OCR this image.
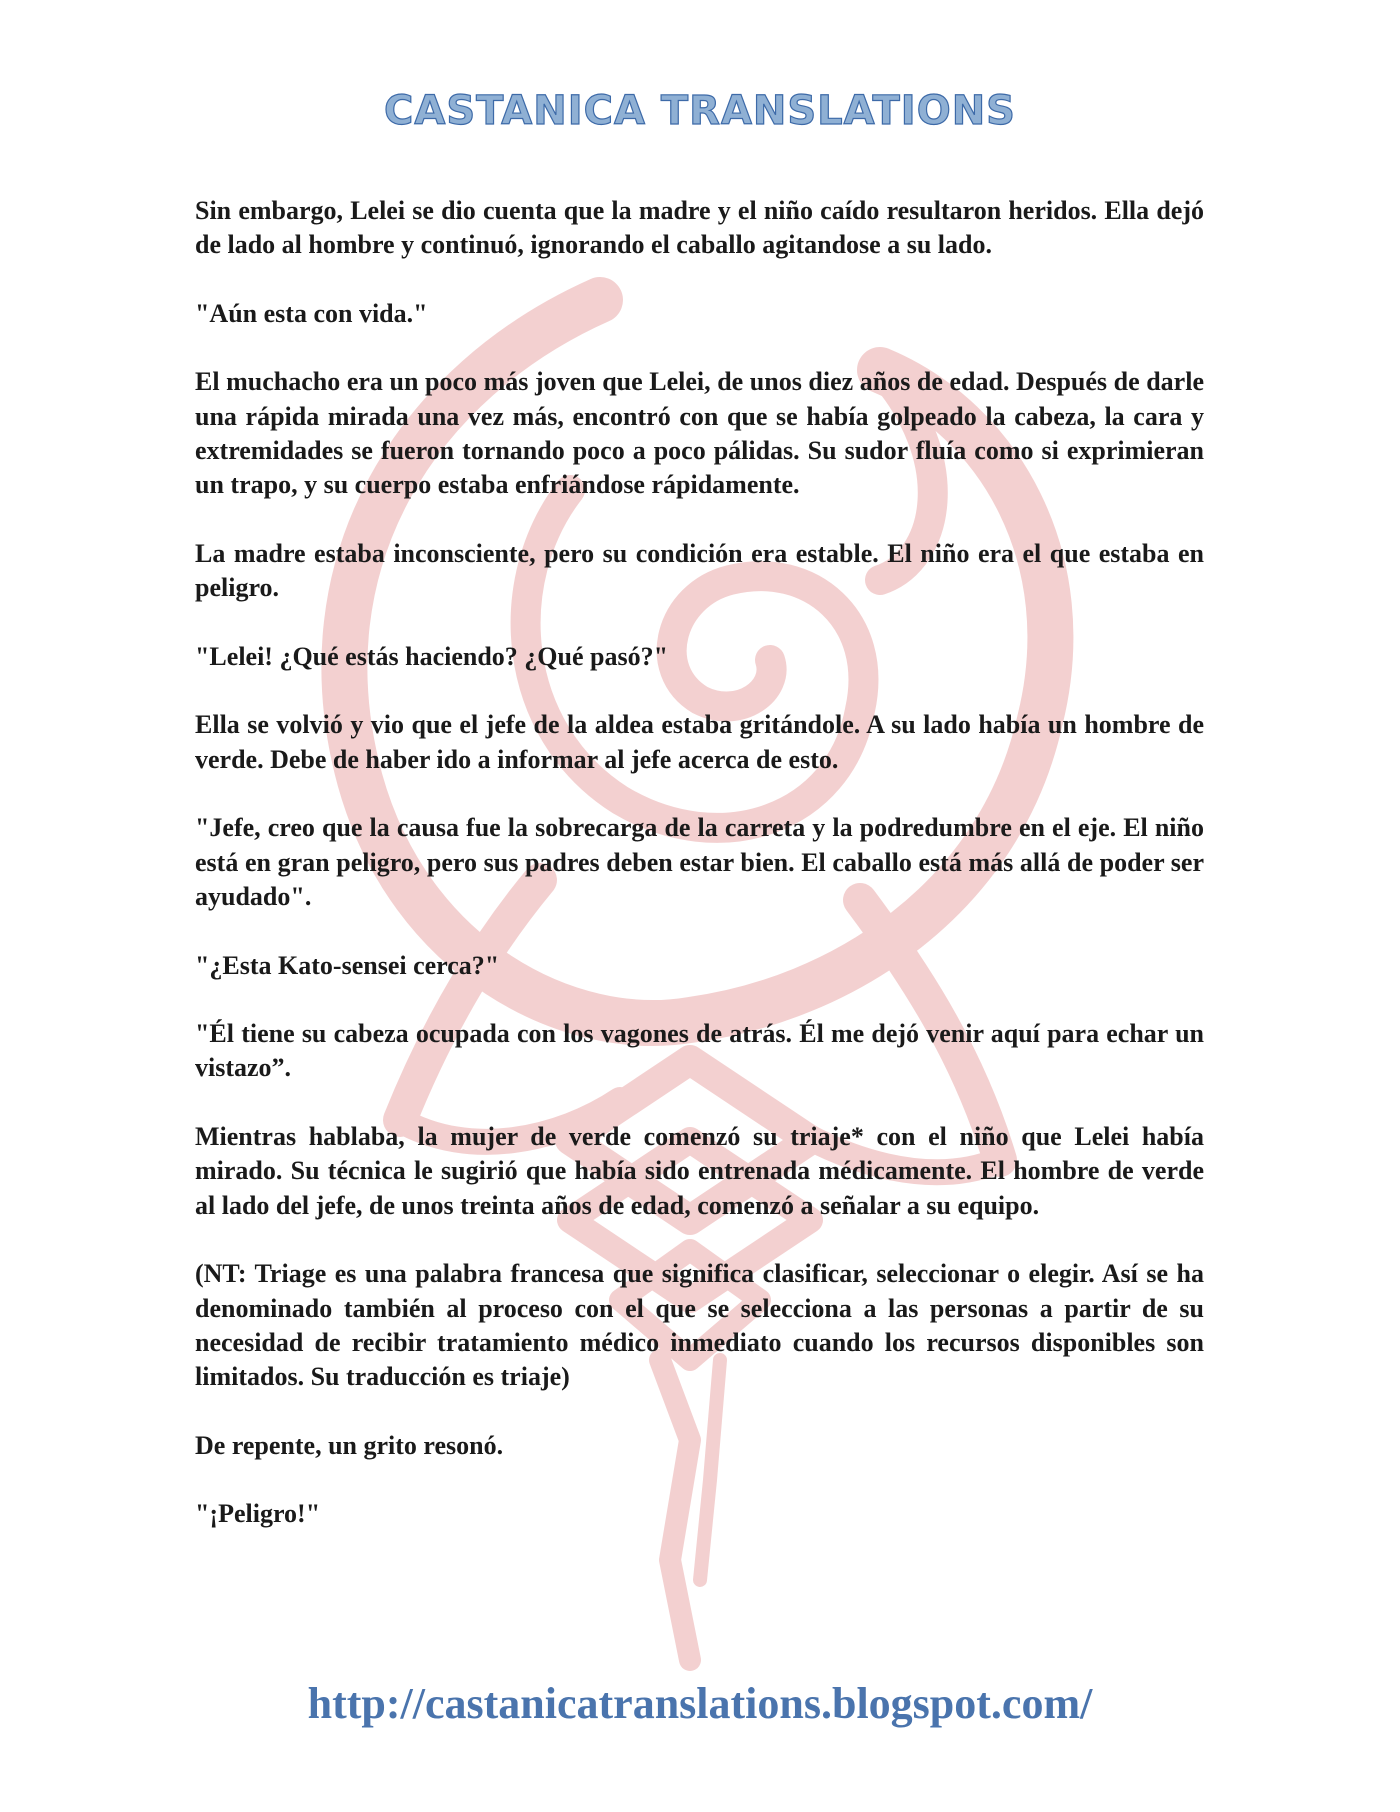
CASTANICA TRANSLATIONS

Sin embargo, Lelei se dio cuenta que la madre y el niño caído resultaron heridos. Ella dejó de lado al hombre y continuó, ignorando el caballo agitandose a su lado.

"Aún esta con vida."

El muchacho era un poco más joven que Lelei, de unos diez años de edad. Después de darle una rápida mirada una vez más, encontró con que se había golpeado la cabeza, la cara y extremidades se fueron tornando poco a poco pálidas. Su sudor fluía como si exprimieran un trapo, y su cuerpo estaba enfriándose rápidamente.

La madre estaba inconsciente, pero su condición era estable. El niño era el que estaba en peligro.

"Lelei! ¿Qué estás haciendo? ¿Qué pasó?"

Ella se volvió y vio que el jefe de la aldea estaba gritándole. A su lado había un hombre de verde. Debe de haber ido a informar al jefe acerca de esto.

"Jefe, creo que la causa fue la sobrecarga de la carreta y la podredumbre en el eje. El niño está en gran peligro, pero sus padres deben estar bien. El caballo está más allá de poder ser ayudado".

"¿Esta Kato-sensei cerca?"

"Él tiene su cabeza ocupada con los vagones de atrás. Él me dejó venir aquí para echar un vistazo”.

Mientras hablaba, la mujer de verde comenzó su triaje* con el niño que Lelei había mirado. Su técnica le sugirió que había sido entrenada médicamente. El hombre de verde al lado del jefe, de unos treinta años de edad, comenzó a señalar a su equipo.

(NT: Triage es una palabra francesa que significa clasificar, seleccionar o elegir. Así se ha denominado también al proceso con el que se selecciona a las personas a partir de su necesidad de recibir tratamiento médico inmediato cuando los recursos disponibles son limitados. Su traducción es triaje)

De repente, un grito resonó.

"¡Peligro!"

http://castanicatranslations.blogspot.com/
